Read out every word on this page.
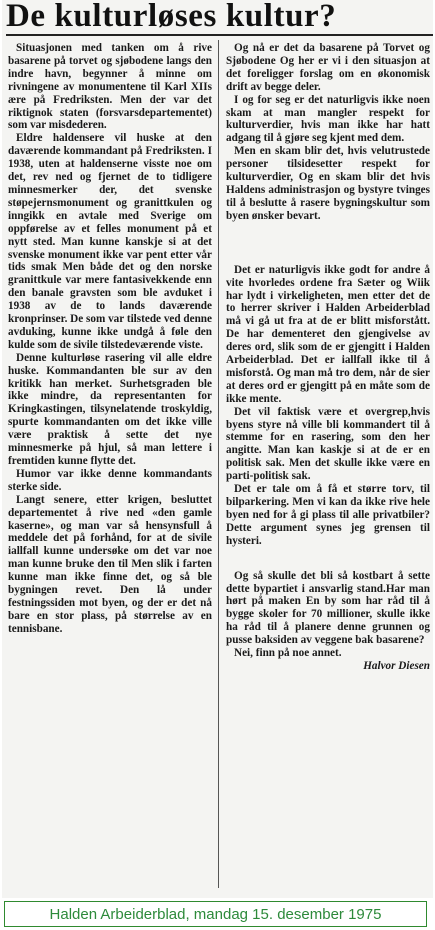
De kulturløses kultur?

Situasjonen med tanken om å rive basarene på torvet og sjøbodene langs den indre havn, begynner å minne om rivningene av monumentene til Karl XIIs ære på Fredriksten. Men der var det riktignok staten (forsvarsdepartementet) som var misdederen.

Eldre haldensere vil huske at den daværende kommandant på Fredriksten. I 1938, uten at haldenserne visste noe om det, rev ned og fjernet de to tidligere minnesmerker der, det svenske støpejernsmonument og granittkulen og inngikk en avtale med Sverige om oppførelse av et felles monument på et nytt sted. Man kunne kanskje si at det svenske monument ikke var pent etter vår tids smak Men både det og den norske granittkule var mere fantasivekkende enn den banale gravsten som ble avduket i 1938 av de to lands daværende kronprinser. De som var tilstede ved denne avduking, kunne ikke undgå å føle den kulde som de sivile tilstedeværende viste.

Denne kulturløse rasering vil alle eldre huske. Kommandanten ble sur av den kritikk han merket. Surhetsgraden ble ikke mindre, da representanten for Kringkastingen, tilsynelatende troskyldig, spurte kommandanten om det ikke ville være praktisk å sette det nye minnesmerke på hjul, så man lettere i fremtiden kunne flytte det.

Humor var ikke denne kommandants sterke side.

Langt senere, etter krigen, besluttet departementet å rive ned «den gamle kaserne», og man var så hensynsfull å meddele det på forhånd, for at de sivile iallfall kunne undersøke om det var noe man kunne bruke den til Men slik i farten kunne man ikke finne det, og så ble bygningen revet. Den lå under festningssiden mot byen, og der er det nå bare en stor plass, på størrelse av en tennisbane.

Og nå er det da basarene på Torvet og Sjøbodene Og her er vi i den situasjon at det foreligger forslag om en økonomisk drift av begge deler.

I og for seg er det naturligvis ikke noen skam at man mangler respekt for kulturverdier, hvis man ikke har hatt adgang til å gjøre seg kjent med dem.

Men en skam blir det, hvis velutrustede personer tilsidesetter respekt for kulturverdier, Og en skam blir det hvis Haldens administrasjon og bystyre tvinges til å beslutte å rasere bygningskultur som byen ønsker bevart.

Det er naturligvis ikke godt for andre å vite hvorledes ordene fra Sæter og Wiik har lydt i virkeligheten, men etter det de to herrer skriver i Halden Arbeiderblad må vi gå ut fra at de er blitt misforstått. De har dementeret den gjengivelse av deres ord, slik som de er gjengitt i Halden Arbeiderblad. Det er iallfall ikke til å misforstå. Og man må tro dem, når de sier at deres ord er gjengitt på en måte som de ikke mente.

Det vil faktisk være et overgrep,hvis byens styre nå ville bli kommandert til å stemme for en rasering, som den her angitte. Man kan kaskje si at de er en politisk sak. Men det skulle ikke være en parti-politisk sak.

Det er tale om å få et større torv, til bilparkering. Men vi kan da ikke rive hele byen ned for å gi plass til alle privatbiler? Dette argument synes jeg grensen til hysteri.

Og så skulle det bli så kostbart å sette dette bypartiet i ansvarlig stand.Har man hørt på maken En by som har råd til å bygge skoler for 70 millioner, skulle ikke ha råd til å planere denne grunnen og pusse baksiden av veggene bak basarene?

Nei, finn på noe annet.

Halvor Diesen
Halden Arbeiderblad, mandag 15. desember 1975
